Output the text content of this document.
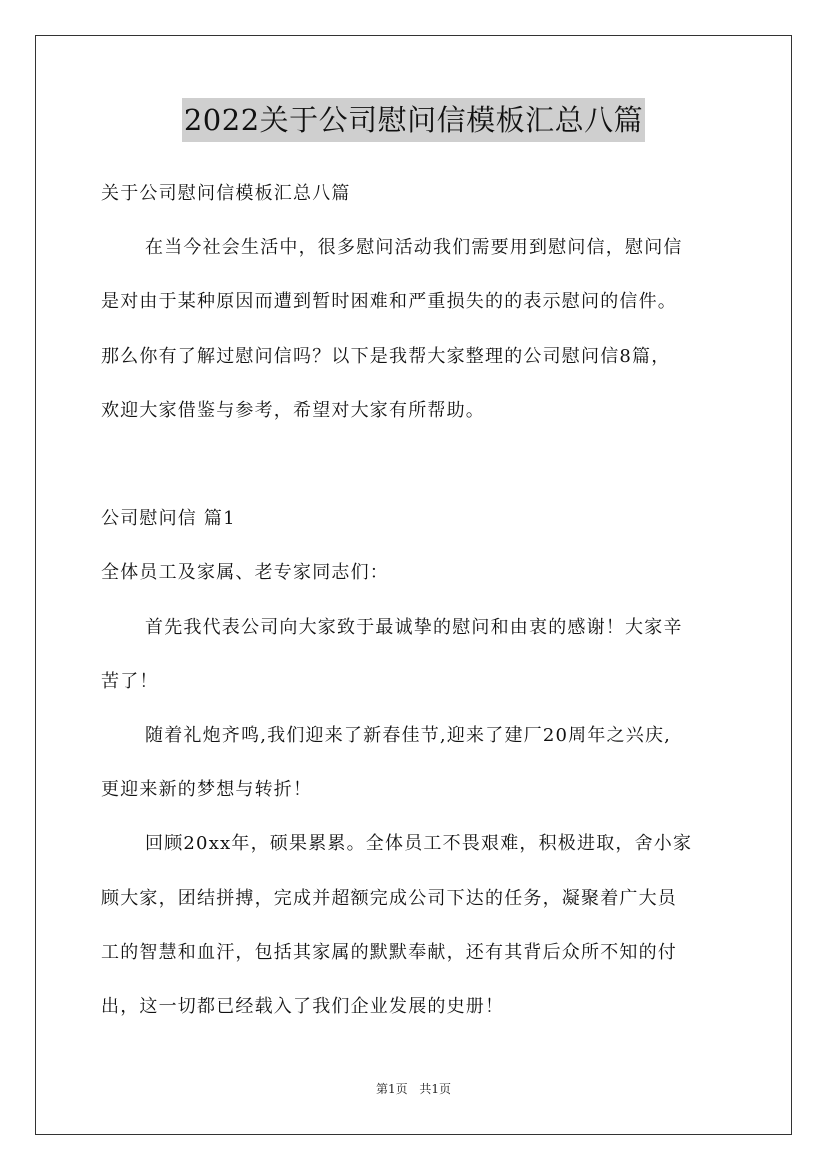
2022关于公司慰问信模板汇总八篇
关于公司慰问信模板汇总八篇
在当今社会生活中，很多慰问活动我们需要用到慰问信，慰问信
是对由于某种原因而遭到暂时困难和严重损失的的表示慰问的信件。
那么你有了解过慰问信吗？以下是我帮大家整理的公司慰问信8篇，
欢迎大家借鉴与参考，希望对大家有所帮助。
公司慰问信 篇1
全体员工及家属、老专家同志们：
首先我代表公司向大家致于最诚挚的慰问和由衷的感谢！大家辛
苦了！
随着礼炮齐鸣,我们迎来了新春佳节,迎来了建厂20周年之兴庆,
更迎来新的梦想与转折！
回顾20xx年，硕果累累。全体员工不畏艰难，积极进取，舍小家
顾大家，团结拼搏，完成并超额完成公司下达的任务，凝聚着广大员
工的智慧和血汗，包括其家属的默默奉献，还有其背后众所不知的付
出，这一切都已经载入了我们企业发展的史册！
第1页 共1页
